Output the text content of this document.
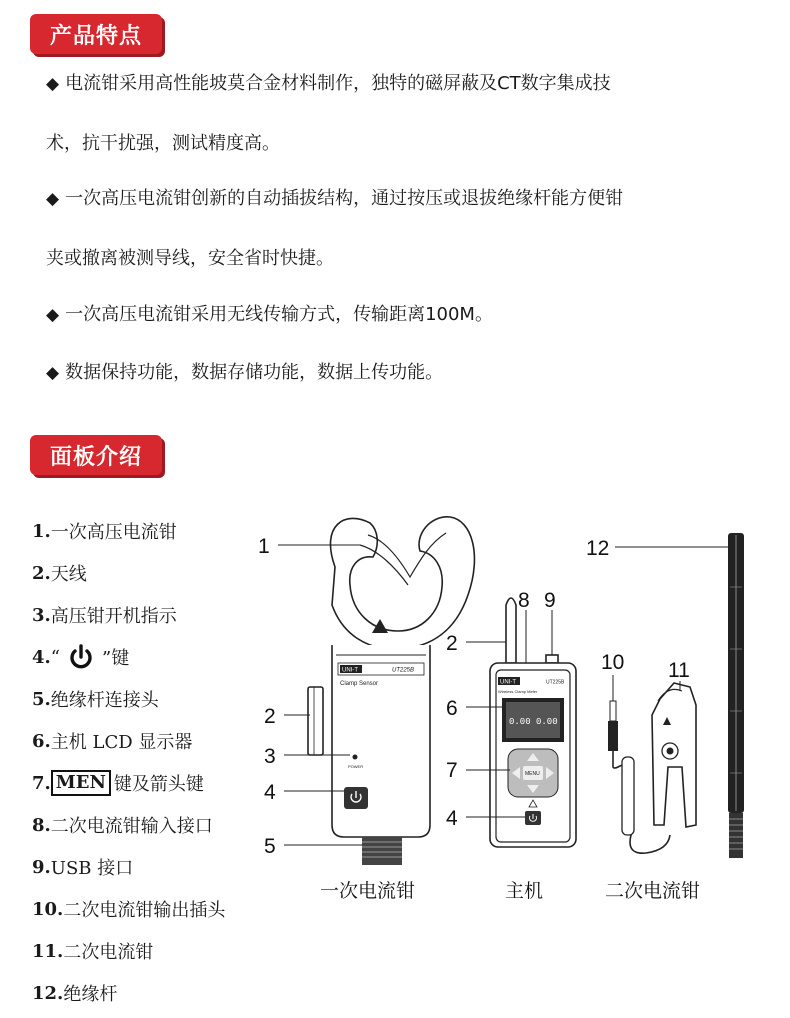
产品特点
◆ 电流钳采用高性能坡莫合金材料制作，独特的磁屏蔽及CT数字集成技
术，抗干扰强，测试精度高。
◆ 一次高压电流钳创新的自动插拔结构，通过按压或退拔绝缘杆能方便钳
夹或撤离被测导线，安全省时快捷。
◆ 一次高压电流钳采用无线传输方式，传输距离100M。
◆ 数据保持功能，数据存储功能，数据上传功能。
面板介绍
1. 一次高压电流钳
2. 天线
3. 高压钳开机指示
4. “ ”键
5. 绝缘杆连接头
6. 主机 LCD 显示器
7. MEN 键及箭头键
8. 二次电流钳输入接口
9. USB 接口
10. 二次电流钳输出插头
11. 二次电流钳
12. 绝缘杆
UNI-T	UT225B
Clamp Sensor
POWER
UNI-T	UT225B
Wireless Clamp Meter
0.00 0.00
MENU
1
2
3
4
5
2
8 9
6
7
4
10 11
12
一次电流钳	主机	二次电流钳
